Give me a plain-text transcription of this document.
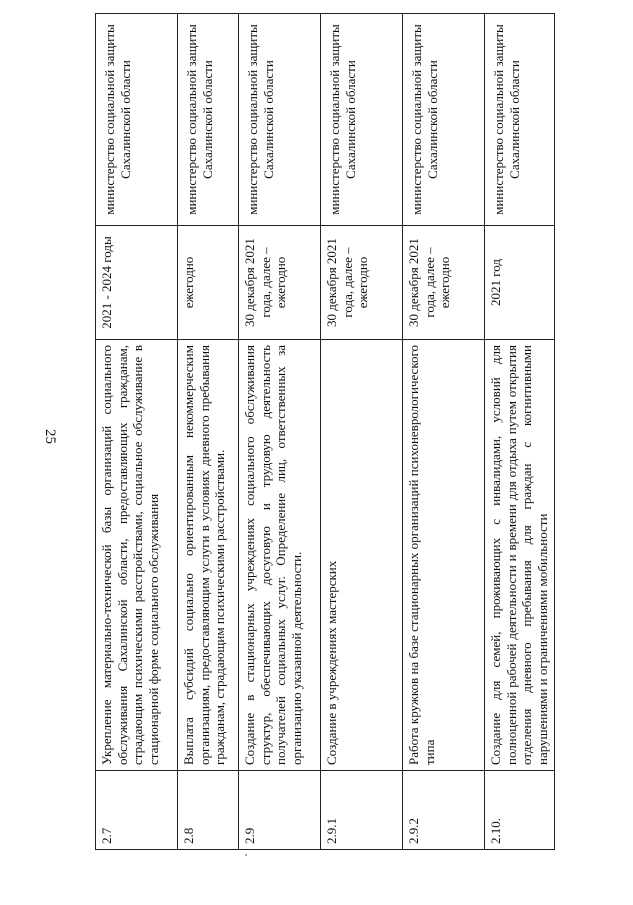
25
2.7	Укрепление материально-технической базы организаций социального обслуживания Сахалинской области, предоставляющих гражданам, страдающим психическими расстройствами, социальное обслуживание в стационарной форме социального обслуживания	2021 - 2024 годы	министерство социальной защиты Сахалинской области
2.8	Выплата субсидий социально ориентированным некоммерческим организациям, предоставляющим услуги в условиях дневного пребывания гражданам, страдающим психическими расстройствами.	ежегодно	министерство социальной защиты Сахалинской области
2.9	Создание в стационарных учреждениях социального обслуживания структур, обеспечивающих досуговую и трудовую деятельность получателей социальных услуг. Определение лиц, ответственных за организацию указанной деятельности.	30 декабря 2021 года, далее – ежегодно	министерство социальной защиты Сахалинской области
2.9.1	Создание в учреждениях мастерских	30 декабря 2021 года, далее – ежегодно	министерство социальной защиты Сахалинской области
2.9.2	Работа кружков на базе стационарных организаций психоневрологического типа	30 декабря 2021 года, далее – ежегодно	министерство социальной защиты Сахалинской области
2.10.	Создание для семей, проживающих с инвалидами, условий для полноценной рабочей деятельности и времени для отдыха путем открытия отделения дневного пребывания для граждан с когнитивными нарушениями и ограничениями мобильности	2021 год	министерство социальной защиты Сахалинской области
